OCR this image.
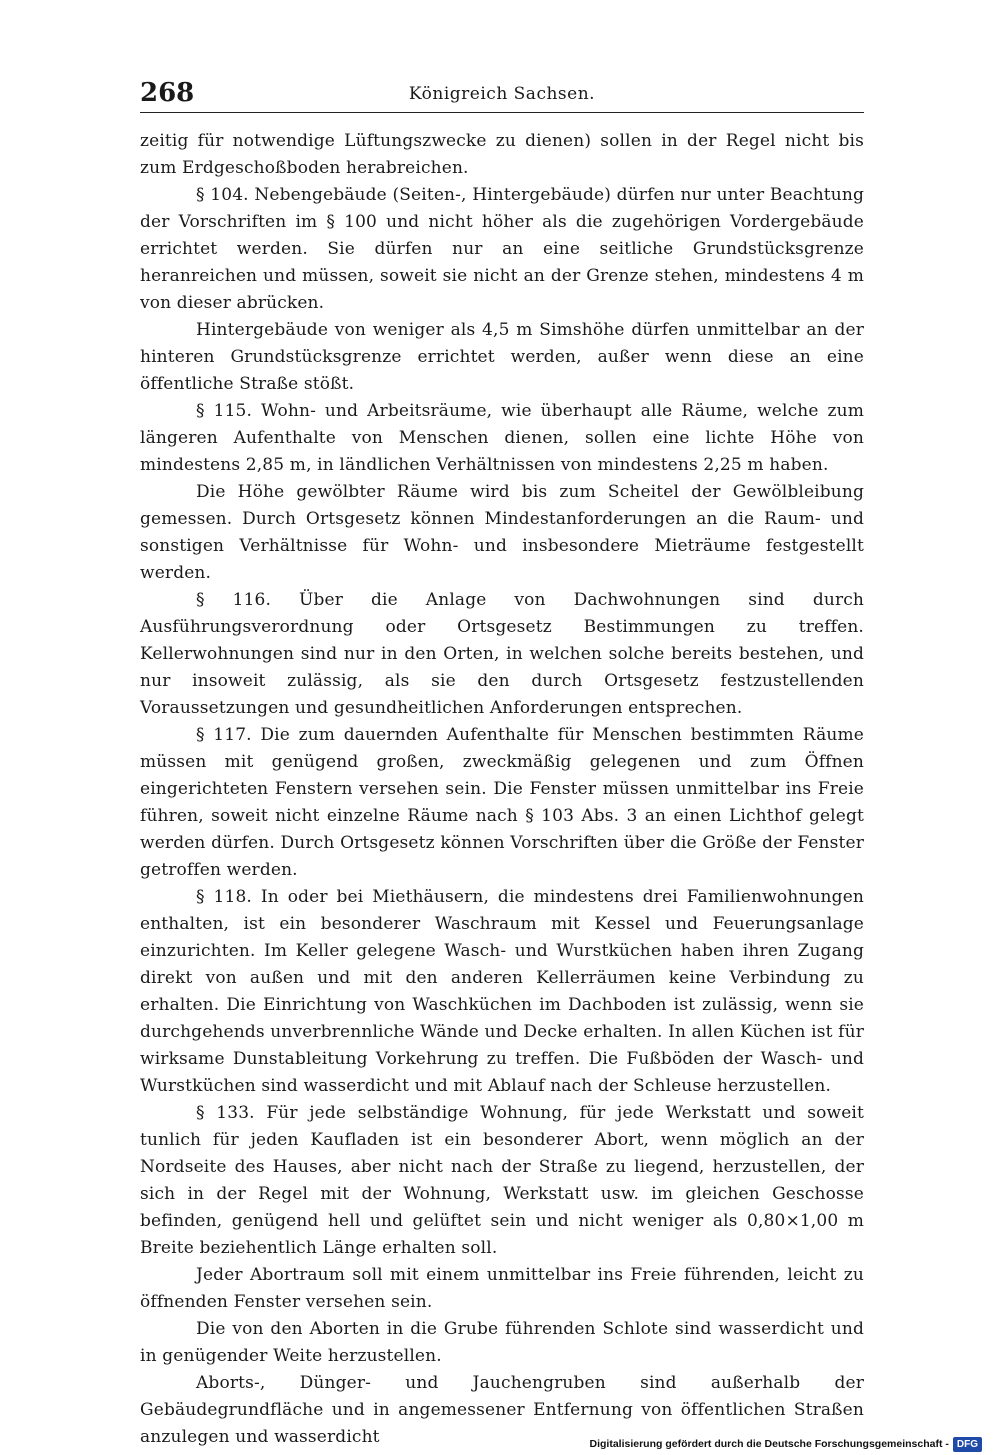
268	Königreich Sachsen.

zeitig für notwendige Lüftungszwecke zu dienen) sollen in der Regel nicht bis zum Erdgeschoßboden herabreichen.

§ 104. Nebengebäude (Seiten-, Hintergebäude) dürfen nur unter Beachtung der Vorschriften im § 100 und nicht höher als die zugehörigen Vordergebäude errichtet werden. Sie dürfen nur an eine seitliche Grundstücksgrenze heranreichen und müssen, soweit sie nicht an der Grenze stehen, mindestens 4 m von dieser abrücken.

Hintergebäude von weniger als 4,5 m Simshöhe dürfen unmittelbar an der hinteren Grundstücksgrenze errichtet werden, außer wenn diese an eine öffentliche Straße stößt.

§ 115. Wohn- und Arbeitsräume, wie überhaupt alle Räume, welche zum längeren Aufenthalte von Menschen dienen, sollen eine lichte Höhe von mindestens 2,85 m, in ländlichen Verhältnissen von mindestens 2,25 m haben.

Die Höhe gewölbter Räume wird bis zum Scheitel der Gewölbleibung gemessen. Durch Ortsgesetz können Mindestanforderungen an die Raum- und sonstigen Verhältnisse für Wohn- und insbesondere Mieträume festgestellt werden.

§ 116. Über die Anlage von Dachwohnungen sind durch Ausführungsverordnung oder Ortsgesetz Bestimmungen zu treffen. Kellerwohnungen sind nur in den Orten, in welchen solche bereits bestehen, und nur insoweit zulässig, als sie den durch Ortsgesetz festzustellenden Voraussetzungen und gesundheitlichen Anforderungen entsprechen.

§ 117. Die zum dauernden Aufenthalte für Menschen bestimmten Räume müssen mit genügend großen, zweckmäßig gelegenen und zum Öffnen eingerichteten Fenstern versehen sein. Die Fenster müssen unmittelbar ins Freie führen, soweit nicht einzelne Räume nach § 103 Abs. 3 an einen Lichthof gelegt werden dürfen. Durch Ortsgesetz können Vorschriften über die Größe der Fenster getroffen werden.

§ 118. In oder bei Miethäusern, die mindestens drei Familienwohnungen enthalten, ist ein besonderer Waschraum mit Kessel und Feuerungsanlage einzurichten. Im Keller gelegene Wasch- und Wurstküchen haben ihren Zugang direkt von außen und mit den anderen Kellerräumen keine Verbindung zu erhalten. Die Einrichtung von Waschküchen im Dachboden ist zulässig, wenn sie durchgehends unverbrennliche Wände und Decke erhalten. In allen Küchen ist für wirksame Dunstableitung Vorkehrung zu treffen. Die Fußböden der Wasch- und Wurstküchen sind wasserdicht und mit Ablauf nach der Schleuse herzustellen.

§ 133. Für jede selbständige Wohnung, für jede Werkstatt und soweit tunlich für jeden Kaufladen ist ein besonderer Abort, wenn möglich an der Nordseite des Hauses, aber nicht nach der Straße zu liegend, herzustellen, der sich in der Regel mit der Wohnung, Werkstatt usw. im gleichen Geschosse befinden, genügend hell und gelüftet sein und nicht weniger als 0,80×1,00 m Breite beziehentlich Länge erhalten soll.

Jeder Abortraum soll mit einem unmittelbar ins Freie führenden, leicht zu öffnenden Fenster versehen sein.

Die von den Aborten in die Grube führenden Schlote sind wasserdicht und in genügender Weite herzustellen.

Aborts-, Dünger- und Jauchengruben sind außerhalb der Gebäudegrundfläche und in angemessener Entfernung von öffentlichen Straßen anzulegen und wasserdicht	Digitalisierung gefördert durch die Deutsche Forschungsgemeinschaft - DFG
